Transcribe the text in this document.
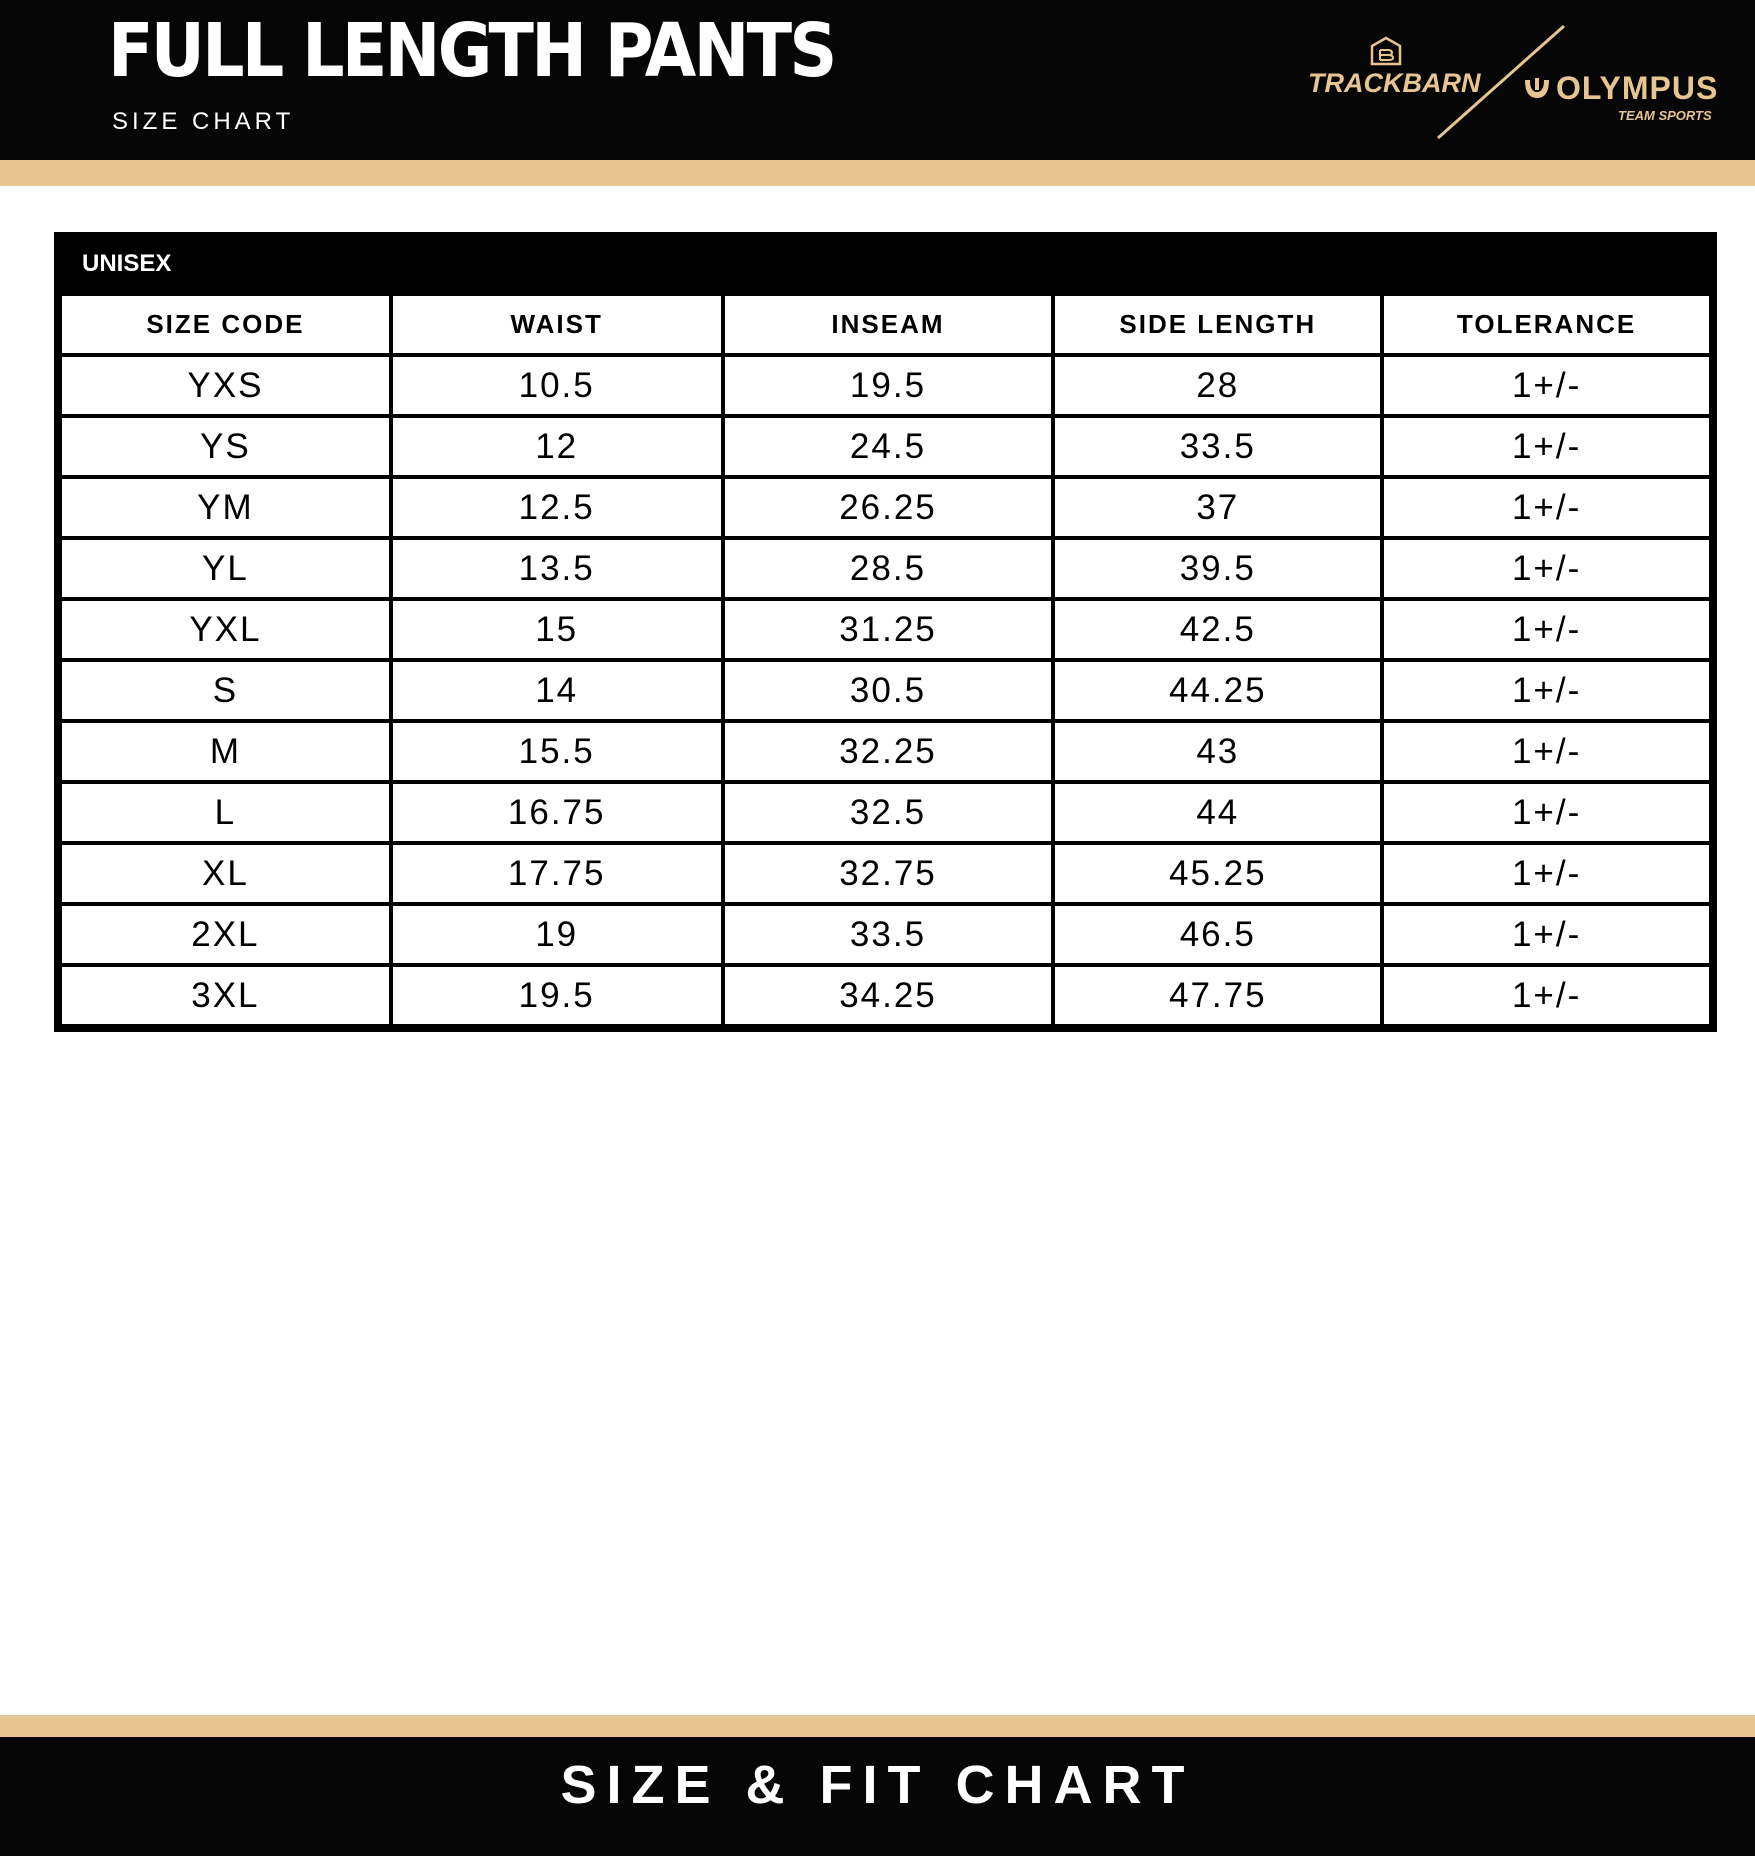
FULL LENGTH PANTS
SIZE CHART
TRACKBARN OLYMPUS
TEAM SPORTS
UNISEX
SIZE CODE	WAIST	INSEAM	SIDE LENGTH	TOLERANCE
YXS	10.5	19.5	28	1+/-
YS	12	24.5	33.5	1+/-
YM	12.5	26.25	37	1+/-
YL	13.5	28.5	39.5	1+/-
YXL	15	31.25	42.5	1+/-
S	14	30.5	44.25	1+/-
M	15.5	32.25	43	1+/-
L	16.75	32.5	44	1+/-
XL	17.75	32.75	45.25	1+/-
2XL	19	33.5	46.5	1+/-
3XL	19.5	34.25	47.75	1+/-
SIZE & FIT CHART
